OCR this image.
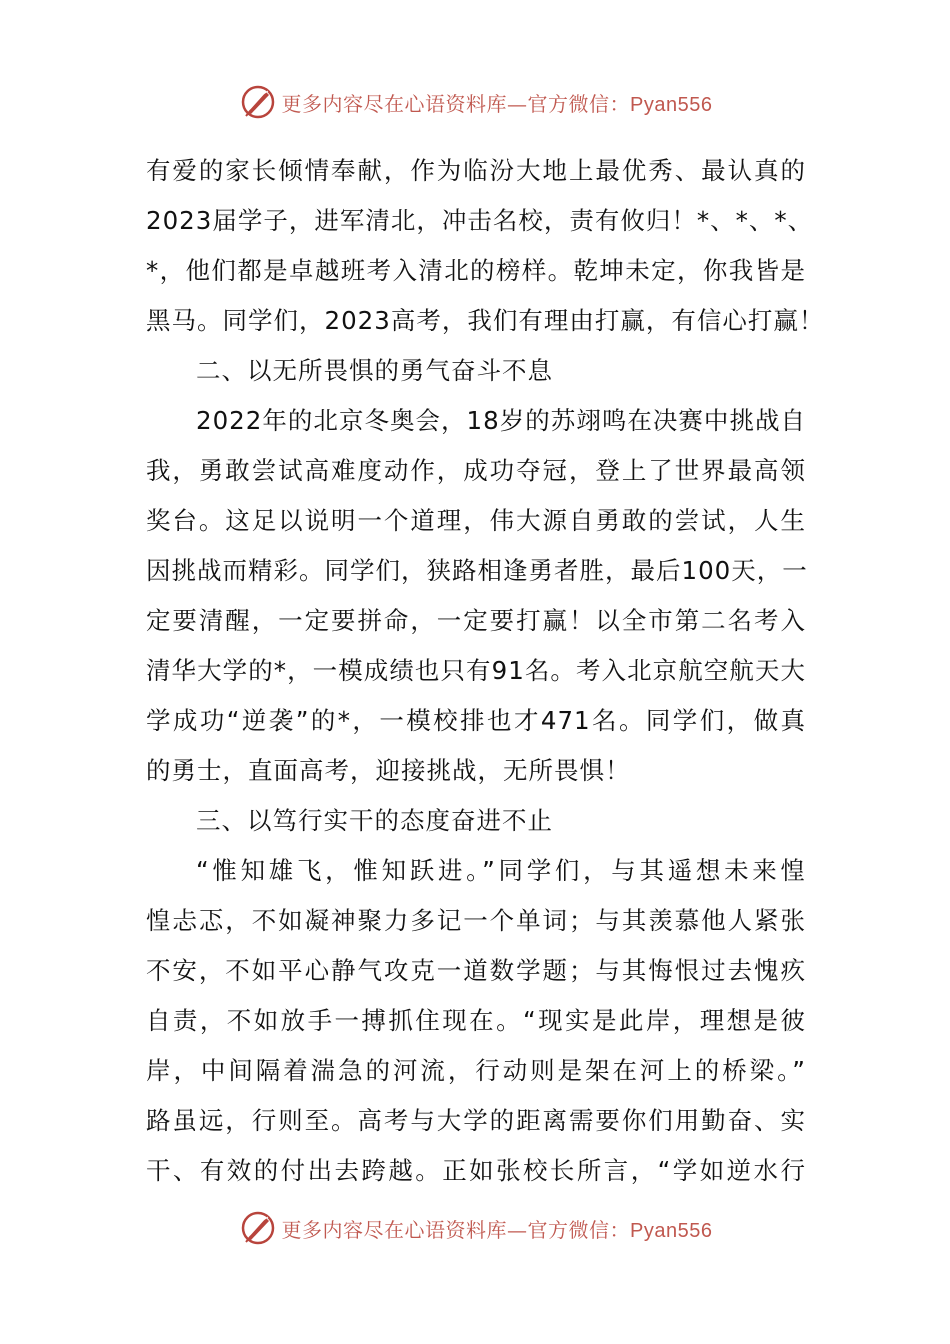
更多内容尽在心语资料库—官方微信：Pyan556
有爱的家长倾情奉献，作为临汾大地上最优秀、最认真的
2023届学子，进军清北，冲击名校，责有攸归！*、*、*、
*，他们都是卓越班考入清北的榜样。乾坤未定，你我皆是
黑马。同学们，2023高考，我们有理由打赢，有信心打赢！
二、以无所畏惧的勇气奋斗不息
2022年的北京冬奥会，18岁的苏翊鸣在决赛中挑战自
我，勇敢尝试高难度动作，成功夺冠，登上了世界最高领
奖台。这足以说明一个道理，伟大源自勇敢的尝试，人生
因挑战而精彩。同学们，狭路相逢勇者胜，最后100天，一
定要清醒，一定要拼命，一定要打赢！以全市第二名考入
清华大学的*，一模成绩也只有91名。考入北京航空航天大
学成功“逆袭”的*，一模校排也才471名。同学们，做真
的勇士，直面高考，迎接挑战，无所畏惧！
三、以笃行实干的态度奋进不止
“惟知雄飞，惟知跃进。”同学们，与其遥想未来惶
惶忐忑，不如凝神聚力多记一个单词；与其羡慕他人紧张
不安，不如平心静气攻克一道数学题；与其悔恨过去愧疚
自责，不如放手一搏抓住现在。“现实是此岸，理想是彼
岸，中间隔着湍急的河流，行动则是架在河上的桥梁。”
路虽远，行则至。高考与大学的距离需要你们用勤奋、实
干、有效的付出去跨越。正如张校长所言，“学如逆水行
更多内容尽在心语资料库—官方微信：Pyan556
